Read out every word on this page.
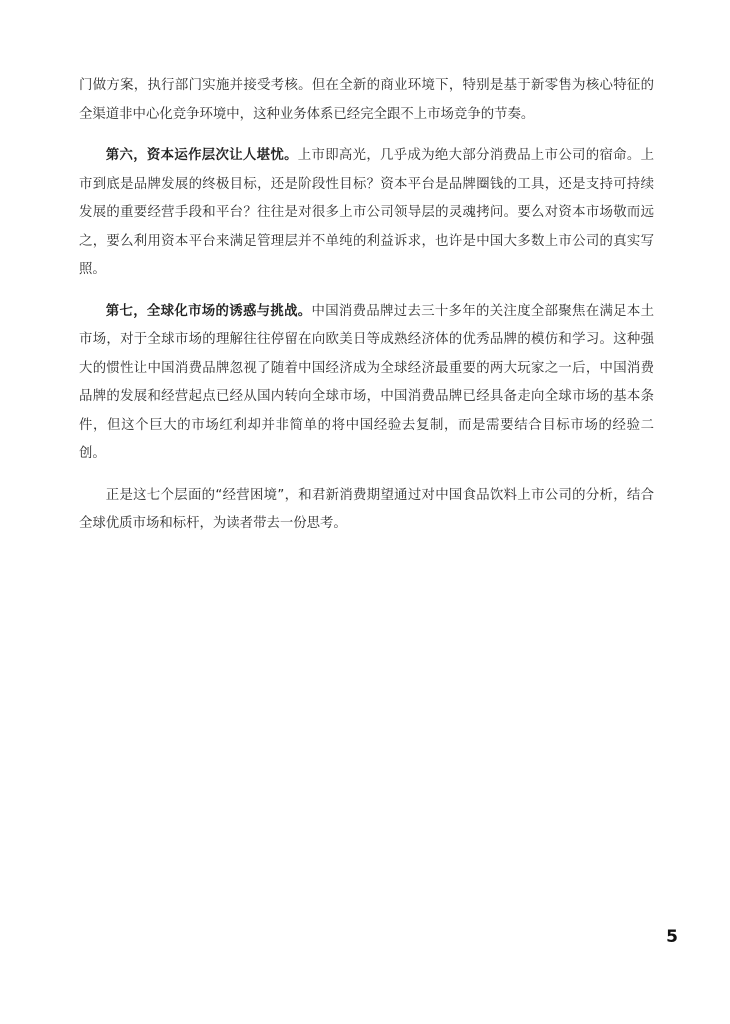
门做方案，执行部门实施并接受考核。但在全新的商业环境下，特别是基于新零售为核心特征的全渠道非中心化竞争环境中，这种业务体系已经完全跟不上市场竞争的节奏。

第六，资本运作层次让人堪忧。上市即高光，几乎成为绝大部分消费品上市公司的宿命。上市到底是品牌发展的终极目标，还是阶段性目标？资本平台是品牌圈钱的工具，还是支持可持续发展的重要经营手段和平台？往往是对很多上市公司领导层的灵魂拷问。要么对资本市场敬而远之，要么利用资本平台来满足管理层并不单纯的利益诉求，也许是中国大多数上市公司的真实写照。

第七，全球化市场的诱惑与挑战。中国消费品牌过去三十多年的关注度全部聚焦在满足本土市场，对于全球市场的理解往往停留在向欧美日等成熟经济体的优秀品牌的模仿和学习。这种强大的惯性让中国消费品牌忽视了随着中国经济成为全球经济最重要的两大玩家之一后，中国消费品牌的发展和经营起点已经从国内转向全球市场，中国消费品牌已经具备走向全球市场的基本条件，但这个巨大的市场红利却并非简单的将中国经验去复制，而是需要结合目标市场的经验二创。

正是这七个层面的“经营困境”，和君新消费期望通过对中国食品饮料上市公司的分析，结合全球优质市场和标杆，为读者带去一份思考。

5
